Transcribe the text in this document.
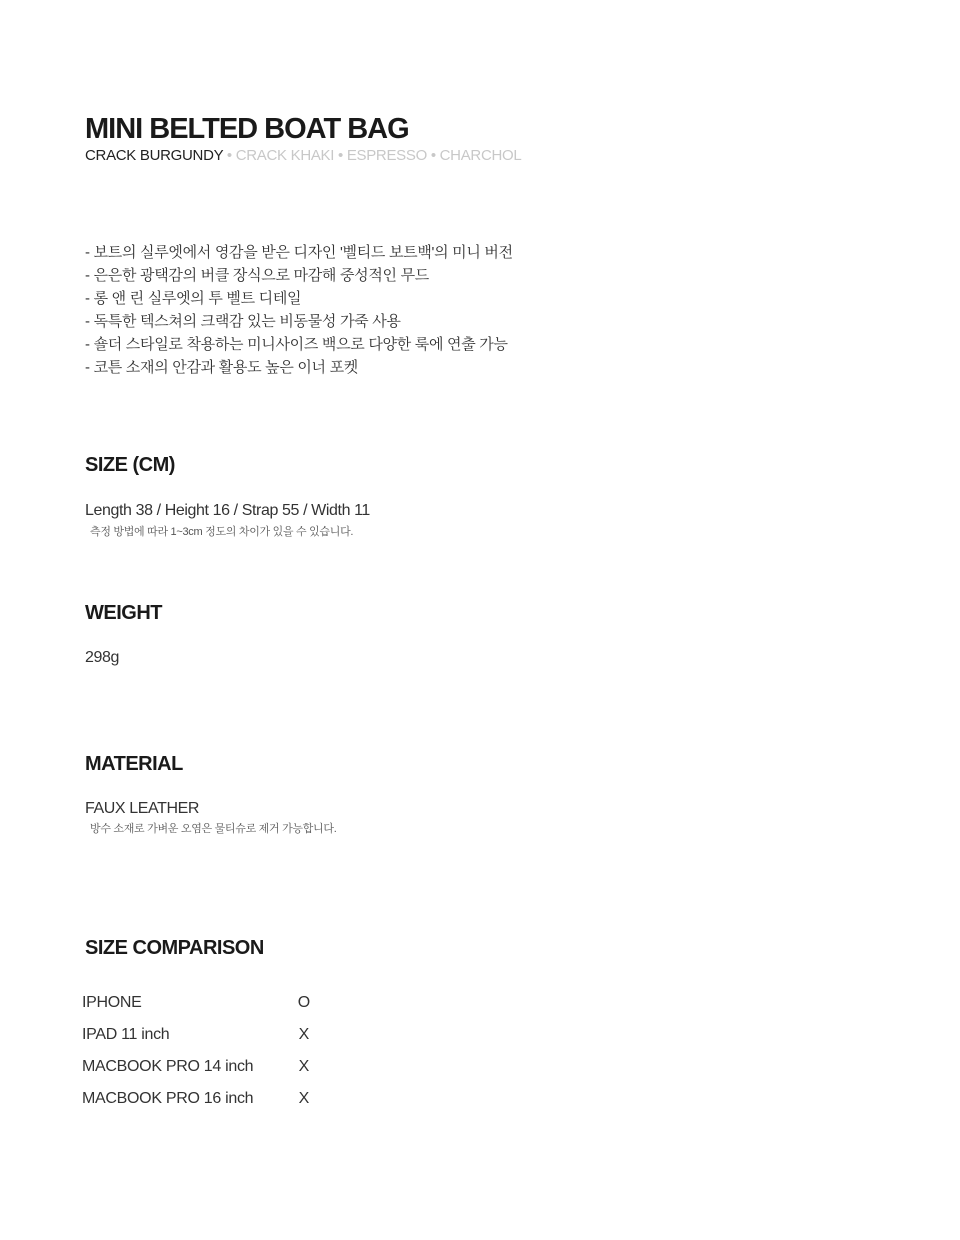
MINI BELTED BOAT BAG
CRACK BURGUNDY • CRACK KHAKI • ESPRESSO • CHARCHOL
- 보트의 실루엣에서 영감을 받은 디자인 '벨티드 보트백'의 미니 버전
- 은은한 광택감의 버클 장식으로 마감해 중성적인 무드
- 롱 앤 린 실루엣의 투 벨트 디테일
- 독특한 텍스쳐의 크랙감 있는 비동물성 가죽 사용
- 숄더 스타일로 착용하는 미니사이즈 백으로 다양한 룩에 연출 가능
- 코튼 소재의 안감과 활용도 높은 이너 포켓
SIZE (CM)
Length 38 / Height 16 / Strap 55 / Width 11
측정 방법에 따라 1~3cm 정도의 차이가 있을 수 있습니다.
WEIGHT
298g
MATERIAL
FAUX LEATHER
방수 소재로 가벼운 오염은 물티슈로 제거 가능합니다.
SIZE COMPARISON
IPHONE	O
IPAD 11 inch	X
MACBOOK PRO 14 inch	X
MACBOOK PRO 16 inch	X
